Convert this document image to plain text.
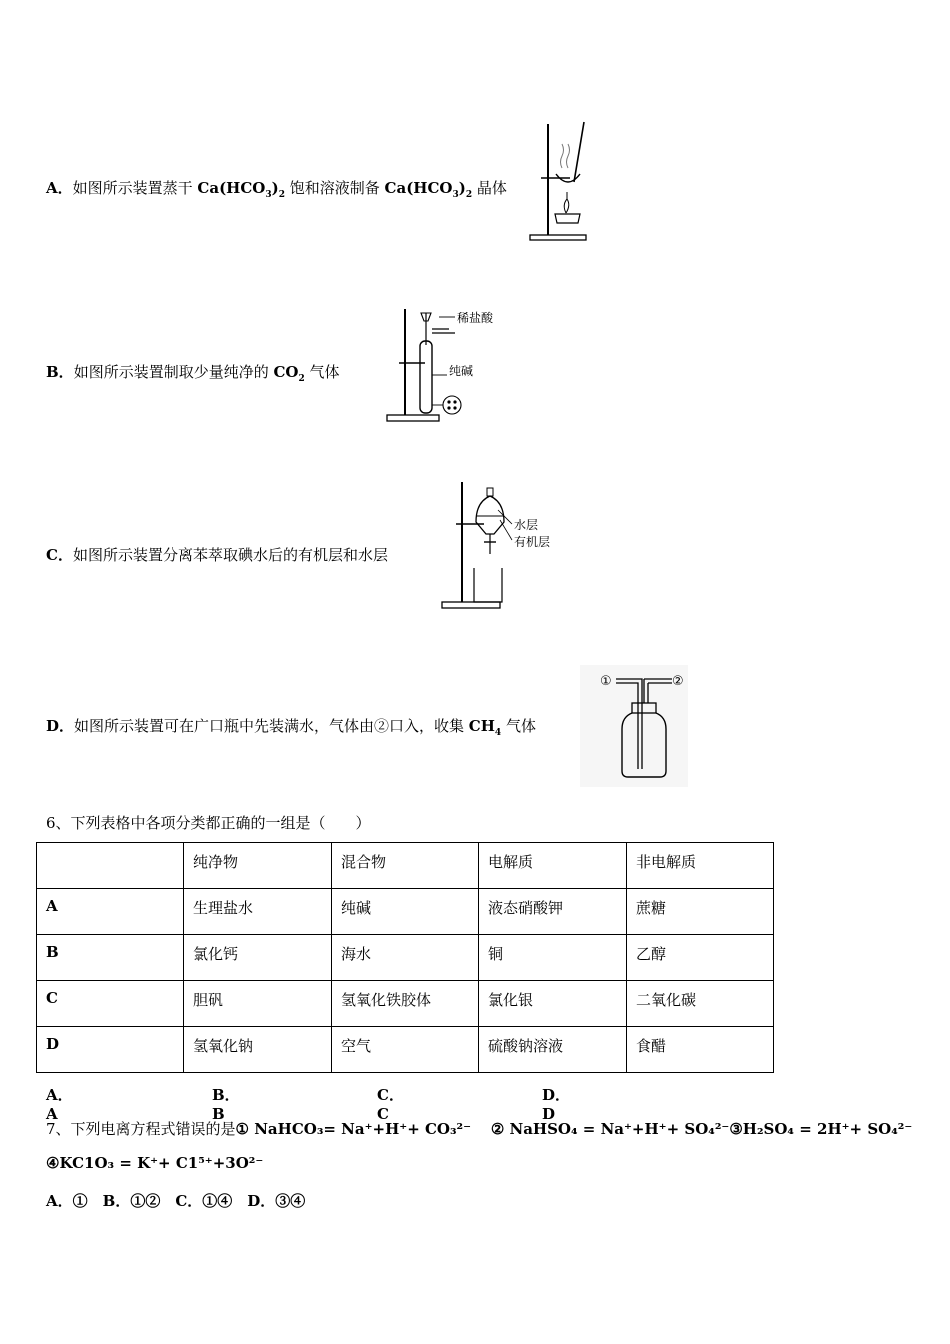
A．如图所示装置蒸干 $Ca(HCO_3)_2$ 饱和溶液制备 $Ca(HCO_3)_2$ 晶体
B．如图所示装置制取少量纯净的 $CO_2$ 气体
稀盐酸
纯碱
C．如图所示装置分离苯萃取碘水后的有机层和水层
水层
有机层
D．如图所示装置可在广口瓶中先装满水，气体由②口入，收集 $CH_4$ 气体
①	②
6、下列表格中各项分类都正确的一组是（　　）
	纯净物	混合物	电解质	非电解质
A	生理盐水	纯碱	液态硝酸钾	蔗糖
B	氯化钙	海水	铜	乙醇
C	胆矾	氢氧化铁胶体	氯化银	二氧化碳
D	氢氧化钠	空气	硫酸钠溶液	食醋
A．A
B．B
C．C
D．D
7、下列电离方程式错误的是① NaHCO₃= Na⁺+H⁺+ CO₃²⁻　 ② NaHSO₄ = Na⁺+H⁺+ SO₄²⁻③H₂SO₄ = 2H⁺+ SO₄²⁻
④KC1O₃ = K⁺+ C1⁵⁺+3O²⁻
A．①　B．①②　C．①④　D．③④
